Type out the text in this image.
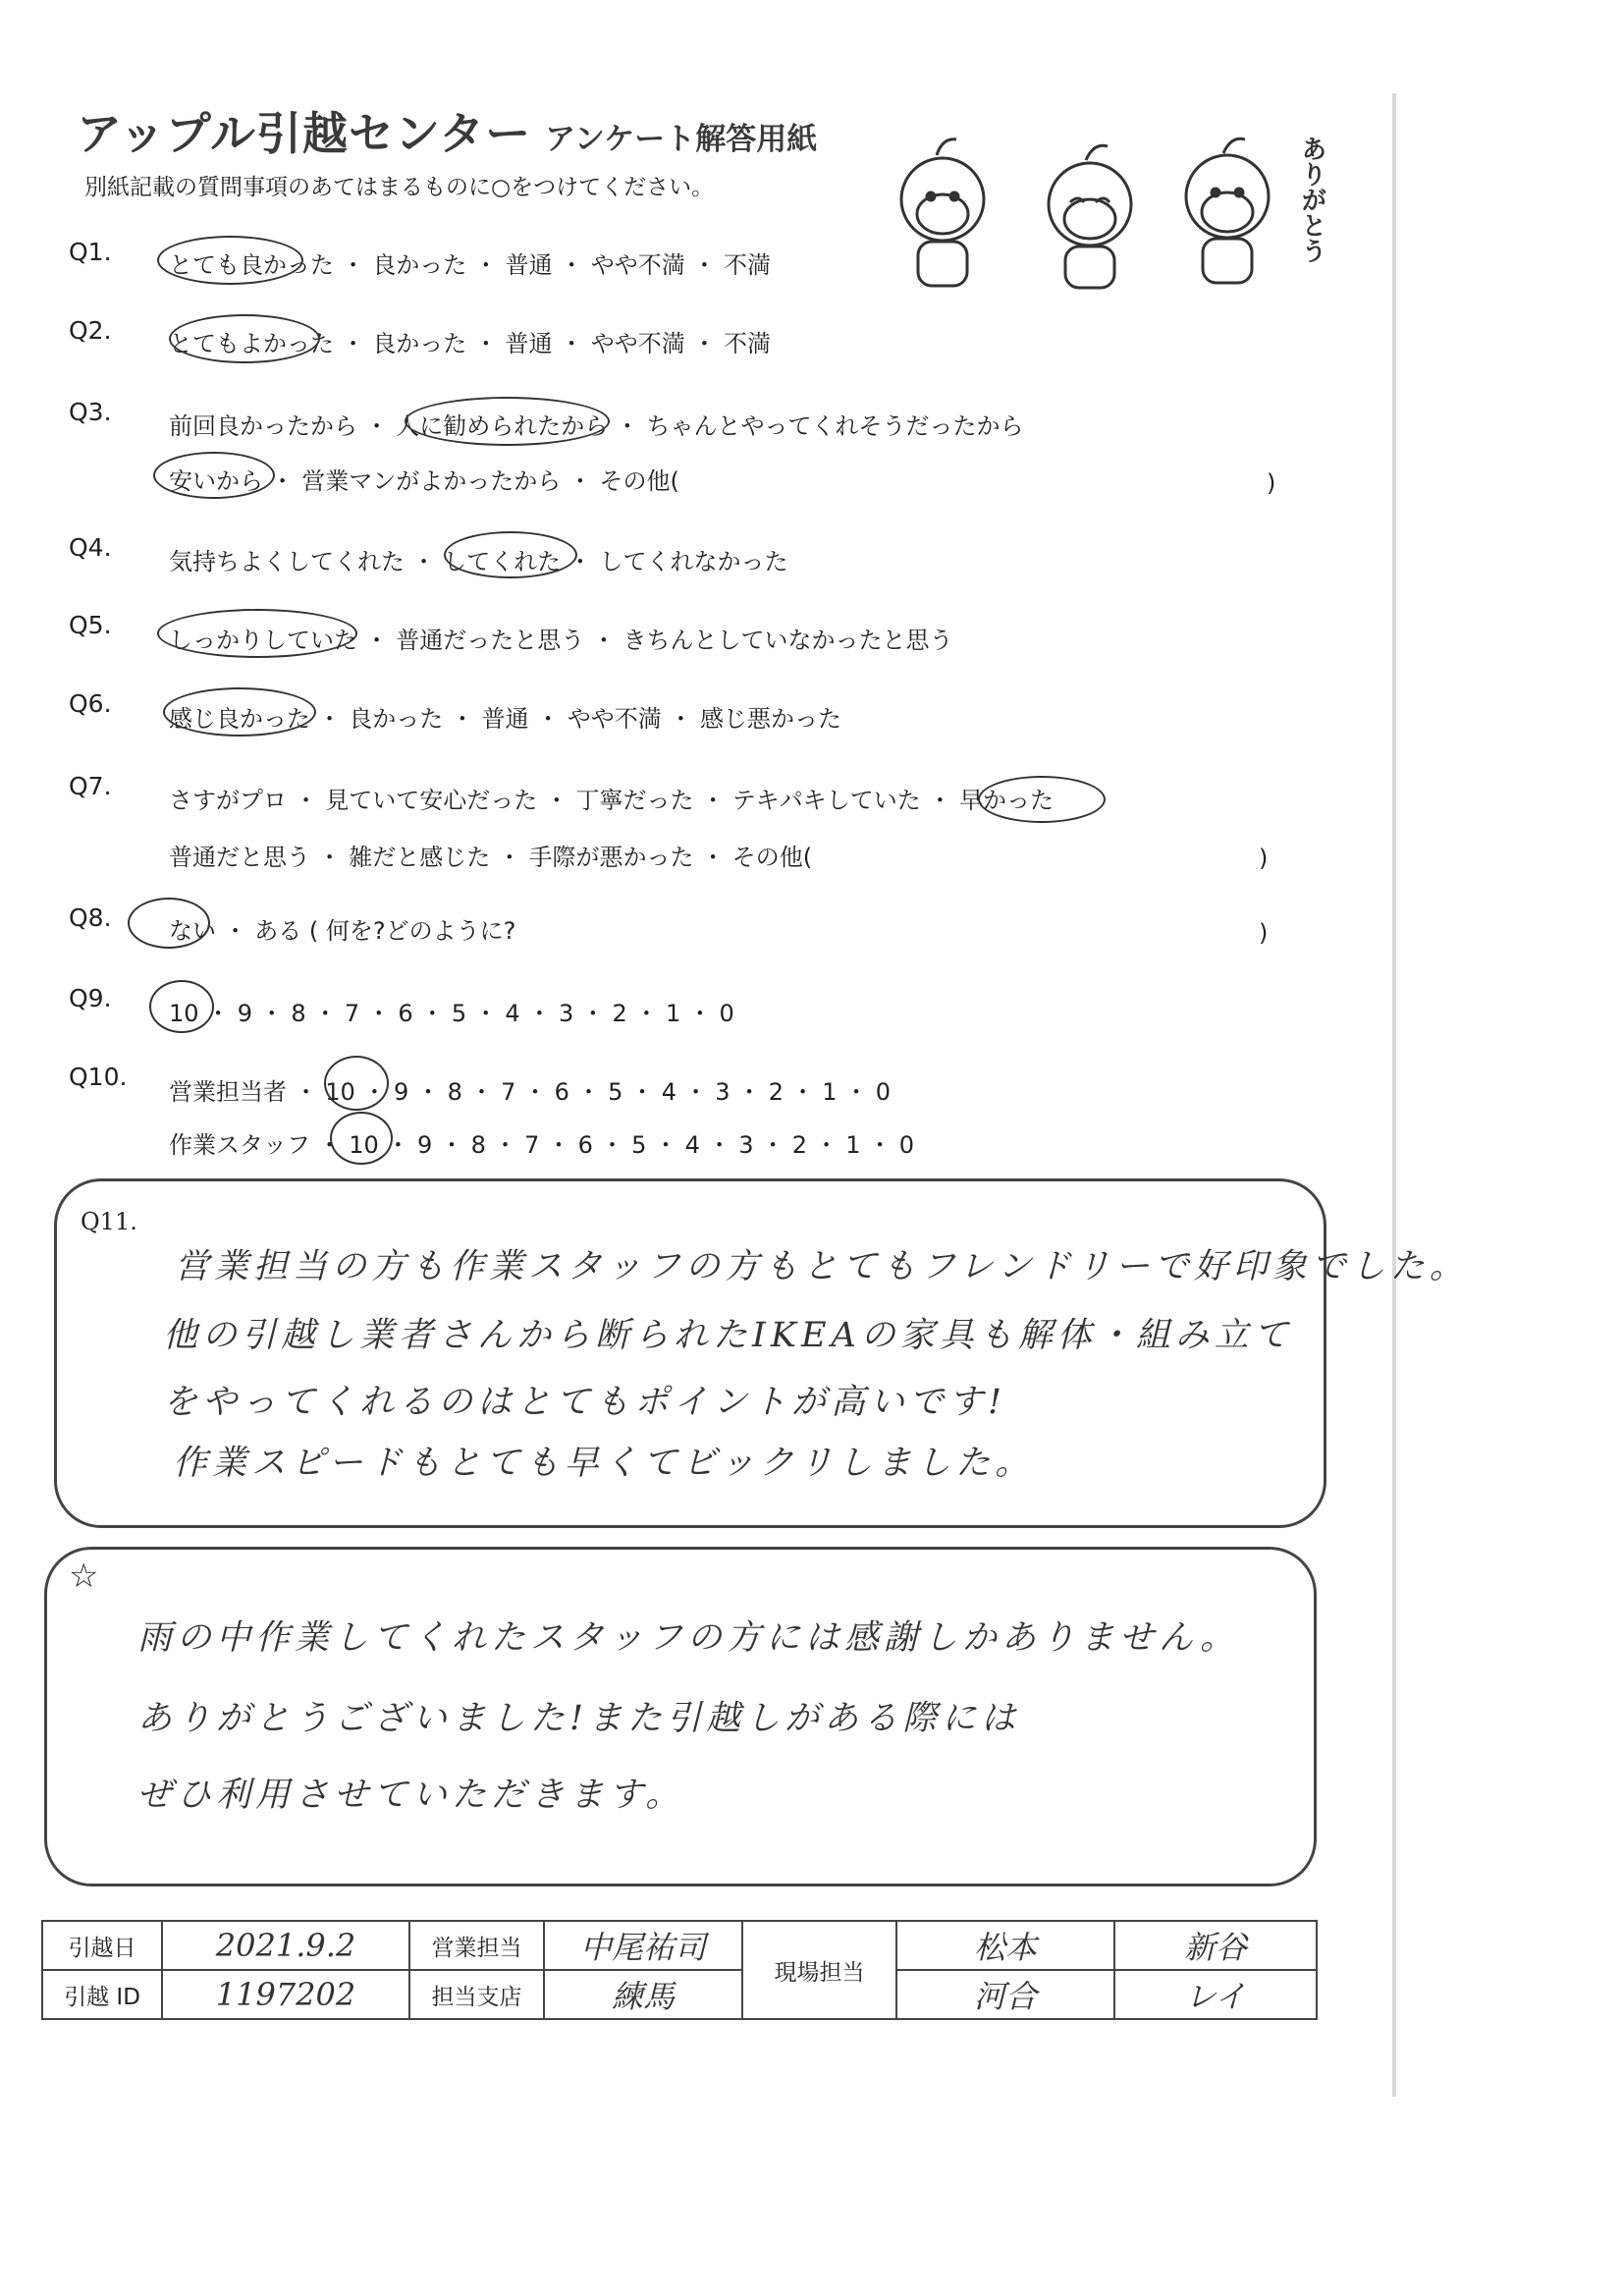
アップル引越センター アンケート解答用紙
別紙記載の質問事項のあてはまるものに○をつけてください。	ありがとう
Q1. とても良かった ・ 良かった ・ 普通 ・ やや不満 ・ 不満
Q2. とてもよかった ・ 良かった ・ 普通 ・ やや不満 ・ 不満
Q3. 前回良かったから ・ 人に勧められたから ・ ちゃんとやってくれそうだったから
安いから ・ 営業マンがよかったから ・ その他(	)
Q4. 気持ちよくしてくれた ・ してくれた ・ してくれなかった
Q5.
しっかりしていた ・ 普通だったと思う ・ きちんとしていなかったと思う
Q6.
感じ良かった ・ 良かった ・ 普通 ・ やや不満 ・ 感じ悪かった
Q7. さすがプロ ・ 見ていて安心だった ・ 丁寧だった ・ テキパキしていた ・ 早かった
普通だと思う ・ 雑だと感じた ・ 手際が悪かった ・ その他(	)
Q8. ない ・ ある ( 何を?どのように?	)
Q9.
10 ・ 9 ・ 8 ・ 7 ・ 6 ・ 5 ・ 4 ・ 3 ・ 2 ・ 1 ・ 0
Q10.
営業担当者 ・ 10 ・ 9 ・ 8 ・ 7 ・ 6 ・ 5 ・ 4 ・ 3 ・ 2 ・ 1 ・ 0
作業スタッフ ・ 10 ・ 9 ・ 8 ・ 7 ・ 6 ・ 5 ・ 4 ・ 3 ・ 2 ・ 1 ・ 0
Q11.
営業担当の方も作業スタッフの方もとてもフレンドリーで好印象でした。
他の引越し業者さんから断られたIKEAの家具も解体・組み立て
をやってくれるのはとてもポイントが高いです!
作業スピードもとても早くてビックリしました。
☆
雨の中作業してくれたスタッフの方には感謝しかありません。
ありがとうございました!また引越しがある際には
ぜひ利用させていただきます。
引越日	2021.9.2	営業担当	中尾祐司	現場担当	松本	新谷
引越 ID	1197202	担当支店	練馬		河合	レイ
